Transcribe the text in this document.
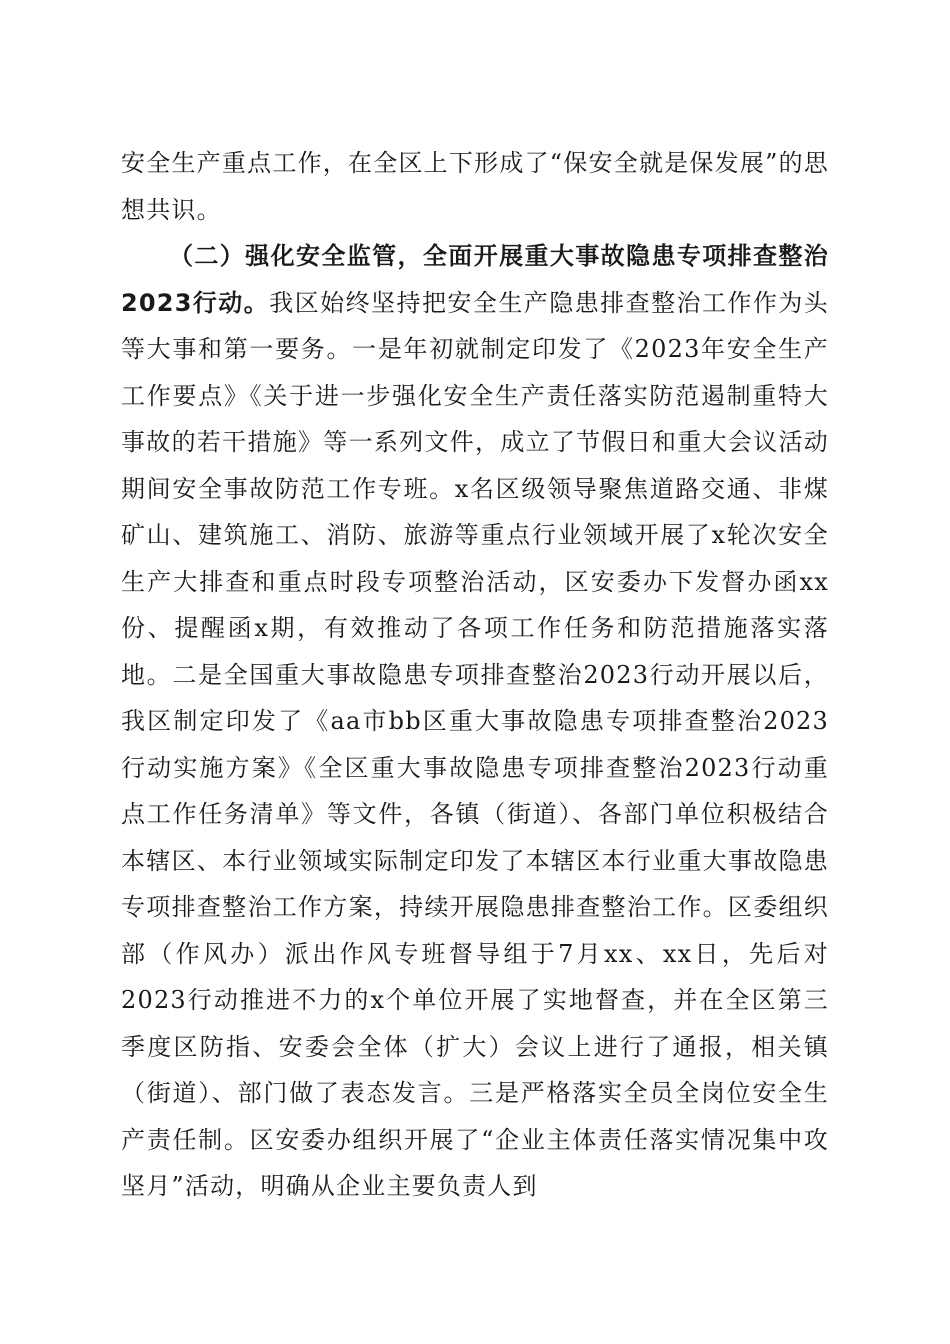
安全生产重点工作，在全区上下形成了“保安全就是保发展”的思想共识。

（二）强化安全监管，全面开展重大事故隐患专项排查整治2023行动。我区始终坚持把安全生产隐患排查整治工作作为头等大事和第一要务。一是年初就制定印发了《2023年安全生产工作要点》《关于进一步强化安全生产责任落实防范遏制重特大事故的若干措施》等一系列文件，成立了节假日和重大会议活动期间安全事故防范工作专班。x名区级领导聚焦道路交通、非煤矿山、建筑施工、消防、旅游等重点行业领域开展了x轮次安全生产大排查和重点时段专项整治活动，区安委办下发督办函xx份、提醒函x期，有效推动了各项工作任务和防范措施落实落地。二是全国重大事故隐患专项排查整治2023行动开展以后，我区制定印发了《aa市bb区重大事故隐患专项排查整治2023行动实施方案》《全区重大事故隐患专项排查整治2023行动重点工作任务清单》等文件，各镇（街道）、各部门单位积极结合本辖区、本行业领域实际制定印发了本辖区本行业重大事故隐患专项排查整治工作方案，持续开展隐患排查整治工作。区委组织部（作风办）派出作风专班督导组于7月xx、xx日，先后对2023行动推进不力的x个单位开展了实地督查，并在全区第三季度区防指、安委会全体（扩大）会议上进行了通报，相关镇（街道）、部门做了表态发言。三是严格落实全员全岗位安全生产责任制。区安委办组织开展了“企业主体责任落实情况集中攻坚月”活动，明确从企业主要负责人到
